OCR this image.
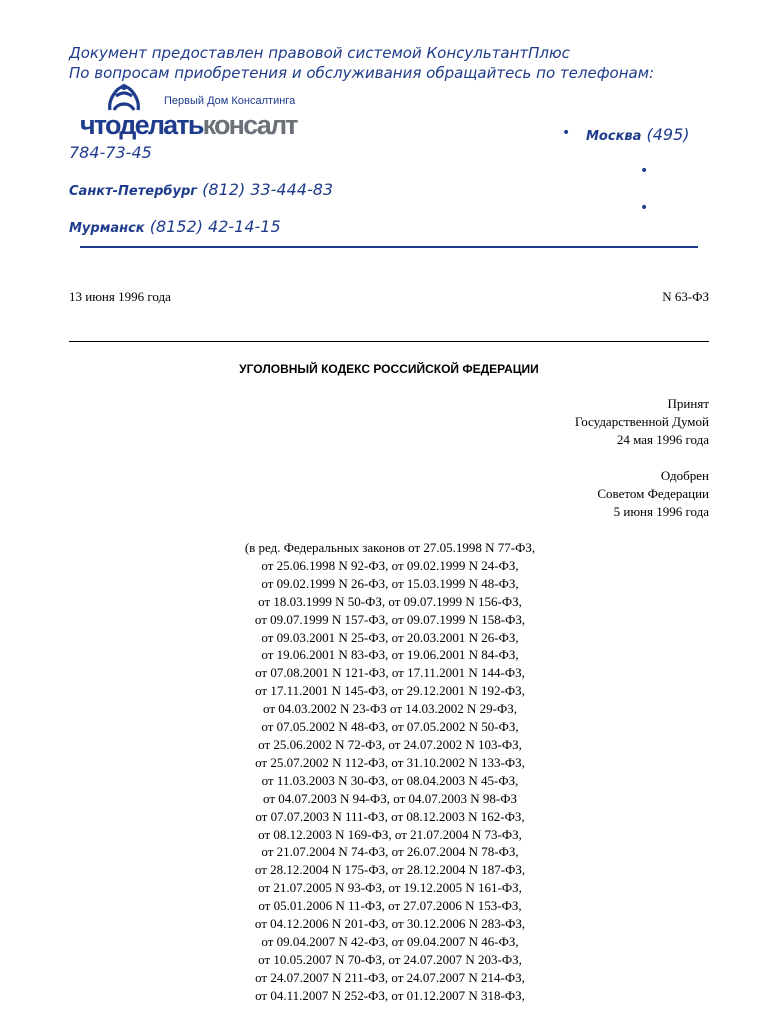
Документ предоставлен правовой системой КонсультантПлюс
По вопросам приобретения и обслуживания обращайтесь по телефонам:
Первый Дом Консалтинга
чтоделатьконсалт	•
•
•
Москва (495)
784-73-45
Санкт-Петербург (812) 33-444-83
Мурманск (8152) 42-14-15
13 июня 1996 года	N 63-ФЗ
УГОЛОВНЫЙ КОДЕКС РОССИЙСКОЙ ФЕДЕРАЦИИ
Принят
Государственной Думой
24 мая 1996 года
Одобрен
Советом Федерации
5 июня 1996 года
(в ред. Федеральных законов от 27.05.1998 N 77-ФЗ,
от 25.06.1998 N 92-ФЗ, от 09.02.1999 N 24-ФЗ,
от 09.02.1999 N 26-ФЗ, от 15.03.1999 N 48-ФЗ,
от 18.03.1999 N 50-ФЗ, от 09.07.1999 N 156-ФЗ,
от 09.07.1999 N 157-ФЗ, от 09.07.1999 N 158-ФЗ,
от 09.03.2001 N 25-ФЗ, от 20.03.2001 N 26-ФЗ,
от 19.06.2001 N 83-ФЗ, от 19.06.2001 N 84-ФЗ,
от 07.08.2001 N 121-ФЗ, от 17.11.2001 N 144-ФЗ,
от 17.11.2001 N 145-ФЗ, от 29.12.2001 N 192-ФЗ,
от 04.03.2002 N 23-ФЗ от 14.03.2002 N 29-ФЗ,
от 07.05.2002 N 48-ФЗ, от 07.05.2002 N 50-ФЗ,
от 25.06.2002 N 72-ФЗ, от 24.07.2002 N 103-ФЗ,
от 25.07.2002 N 112-ФЗ, от 31.10.2002 N 133-ФЗ,
от 11.03.2003 N 30-ФЗ, от 08.04.2003 N 45-ФЗ,
от 04.07.2003 N 94-ФЗ, от 04.07.2003 N 98-ФЗ
от 07.07.2003 N 111-ФЗ, от 08.12.2003 N 162-ФЗ,
от 08.12.2003 N 169-ФЗ, от 21.07.2004 N 73-ФЗ,
от 21.07.2004 N 74-ФЗ, от 26.07.2004 N 78-ФЗ,
от 28.12.2004 N 175-ФЗ, от 28.12.2004 N 187-ФЗ,
от 21.07.2005 N 93-ФЗ, от 19.12.2005 N 161-ФЗ,
от 05.01.2006 N 11-ФЗ, от 27.07.2006 N 153-ФЗ,
от 04.12.2006 N 201-ФЗ, от 30.12.2006 N 283-ФЗ,
от 09.04.2007 N 42-ФЗ, от 09.04.2007 N 46-ФЗ,
от 10.05.2007 N 70-ФЗ, от 24.07.2007 N 203-ФЗ,
от 24.07.2007 N 211-ФЗ, от 24.07.2007 N 214-ФЗ,
от 04.11.2007 N 252-ФЗ, от 01.12.2007 N 318-ФЗ,
